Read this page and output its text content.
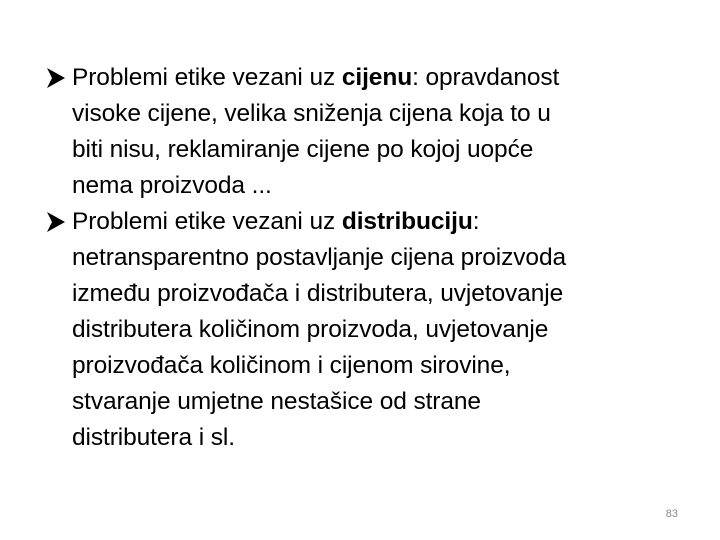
Problemi etike vezani uz cijenu: opravdanost
visoke cijene, velika sniženja cijena koja to u
biti nisu, reklamiranje cijene po kojoj uopće
nema proizvoda ...
Problemi etike vezani uz distribuciju:
netransparentno postavljanje cijena proizvoda
između proizvođača i distributera, uvjetovanje
distributera količinom proizvoda, uvjetovanje
proizvođača količinom i cijenom sirovine,
stvaranje umjetne nestašice od strane
distributera i sl.
83
